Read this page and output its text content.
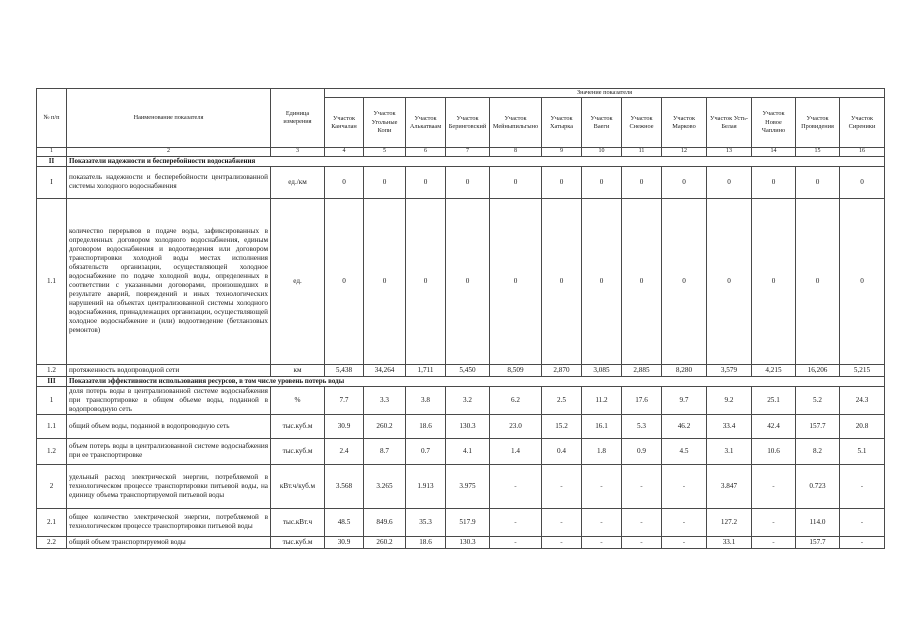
№ п/п	Наименование показателя	Единица измерения	Значение показателя												
			Участок Канчалан	Участок Угольные Копи	Участок Алькатваам	Участок Беринговский	Участок Мейныпильгыно	Участок Хатырка	Участок Ваеги	Участок Снежное	Участок Марково	Участок Усть-Белая	Участок Новое Чаплино	Участок Провидения	Участок Сиреники
1	2	3	4	5	6	7	8	9	10	11	12	13	14	15	16
II	Показатели надежности и бесперебойности водоснабжения														
I	показатель надежности и бесперебойности централизованной системы холодного водоснабжения	ед./км	0	0	0	0	0	0	0	0	0	0	0	0	0
1.1	количество перерывов в подаче воды, зафиксированных в определенных договором холодного водоснабжения, единым договором водоснабжения и водоотведения или договором транспортировки холодной воды местах исполнения обязательств организации, осуществляющей холодное водоснабжение по подаче холодной воды, определенных в соответствии с указанными договорами, произошедших в результате аварий, повреждений и иных технологических нарушений на объектах централизованной системы холодного водоснабжения, принадлежащих организации, осуществляющей холодное водоснабжение и (или) водоотведение (бетланзовых ремонтов)	ед.	0	0	0	0	0	0	0	0	0	0	0	0	0
1.2	протяженность водопроводной сети	км	5,438	34,264	1,711	5,450	8,509	2,870	3,085	2,885	8,280	3,579	4,215	16,206	5,215
III	Показатели эффективности использования ресурсов, в том числе уровень потерь воды														
1	доля потерь воды в централизованной системе водоснабжения при транспортировке в общем объеме воды, поданной в водопроводную сеть	%	7.7	3.3	3.8	3.2	6.2	2.5	11.2	17.6	9.7	9.2	25.1	5.2	24.3
1.1	общий объем воды, поданной в водопроводную сеть	тыс.куб.м	30.9	260.2	18.6	130.3	23.0	15.2	16.1	5.3	46.2	33.4	42.4	157.7	20.8
1.2	объем потерь воды в централизованной системе водоснабжения при ее транспортировке	тыс.куб.м	2.4	8.7	0.7	4.1	1.4	0.4	1.8	0.9	4.5	3.1	10.6	8.2	5.1
2	удельный расход электрической энергии, потребляемой в технологическом процессе транспортировки питьевой воды, на единицу объема транспортируемой питьевой воды	кВт.ч/куб.м	3.568	3.265	1.913	3.975	-	-	-	-	-	3.847	-	0.723	-
2.1	общее количество электрической энергии, потребляемой в технологическом процессе транспортировки питьевой воды	тыс.кВт.ч	48.5	849.6	35.3	517.9	-	-	-	-	-	127.2	-	114.0	-
2.2	общий объем транспортируемой воды	тыс.куб.м	30.9	260.2	18.6	130.3	-	-	-	-	-	33.1	-	157.7	-
